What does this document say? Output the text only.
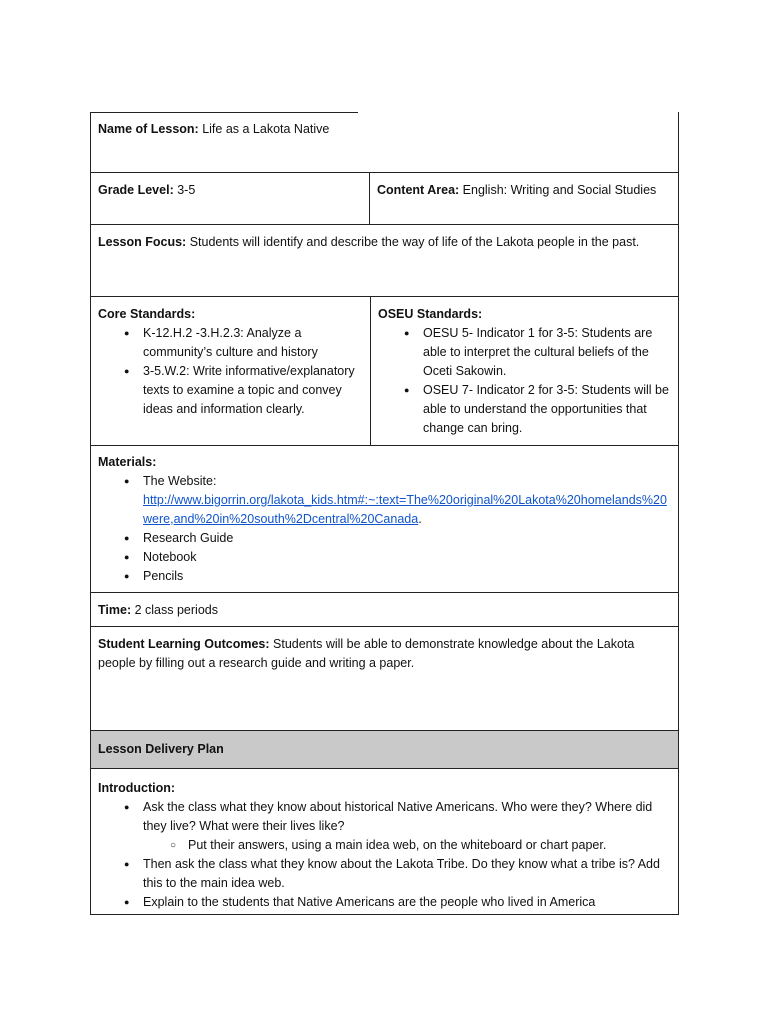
Name of Lesson: Life as a Lakota Native
Grade Level: 3-5	Content Area: English: Writing and Social Studies
Lesson Focus: Students will identify and describe the way of life of the Lakota people in the past.
Core Standards:
● K-12.H.2 -3.H.2.3: Analyze a community’s culture and history
● 3-5.W.2: Write informative/explanatory texts to examine a topic and convey ideas and information clearly.
OSEU Standards:
● OESU 5- Indicator 1 for 3-5: Students are able to interpret the cultural beliefs of the Oceti Sakowin.
● OSEU 7- Indicator 2 for 3-5: Students will be able to understand the opportunities that change can bring.
Materials:
● The Website:
http://www.bigorrin.org/lakota_kids.htm#:~:text=The%20original%20Lakota%20homelands%20were,and%20in%20south%2Dcentral%20Canada.
● Research Guide
● Notebook
● Pencils
Time: 2 class periods
Student Learning Outcomes: Students will be able to demonstrate knowledge about the Lakota people by filling out a research guide and writing a paper.
Lesson Delivery Plan
Introduction:
● Ask the class what they know about historical Native Americans. Who were they? Where did they live? What were their lives like?
○ Put their answers, using a main idea web, on the whiteboard or chart paper.
● Then ask the class what they know about the Lakota Tribe. Do they know what a tribe is? Add this to the main idea web.
● Explain to the students that Native Americans are the people who lived in America
